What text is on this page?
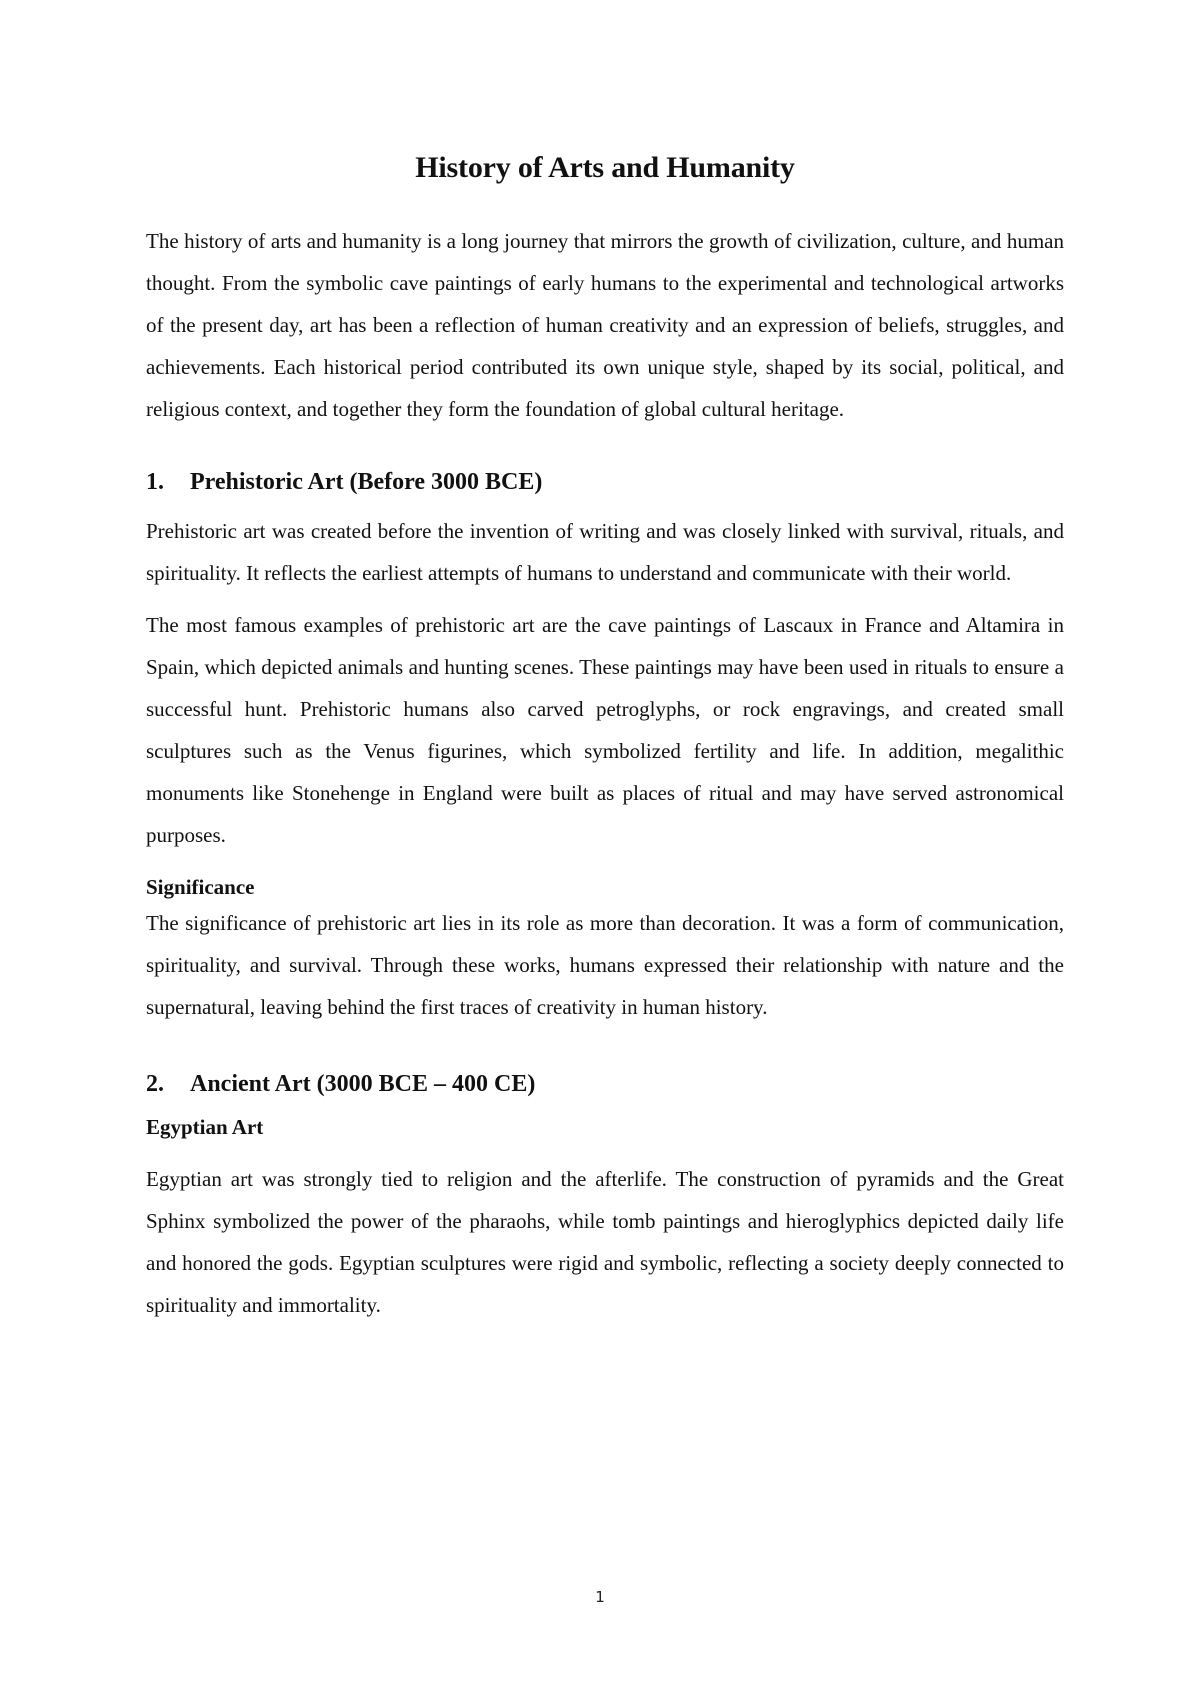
History of Arts and Humanity

The history of arts and humanity is a long journey that mirrors the growth of civilization, culture, and human thought. From the symbolic cave paintings of early humans to the experimental and technological artworks of the present day, art has been a reflection of human creativity and an expression of beliefs, struggles, and achievements. Each historical period contributed its own unique style, shaped by its social, political, and religious context, and together they form the foundation of global cultural heritage.

1.	Prehistoric Art (Before 3000 BCE)

Prehistoric art was created before the invention of writing and was closely linked with survival, rituals, and spirituality. It reflects the earliest attempts of humans to understand and communicate with their world.

The most famous examples of prehistoric art are the cave paintings of Lascaux in France and Altamira in Spain, which depicted animals and hunting scenes. These paintings may have been used in rituals to ensure a successful hunt. Prehistoric humans also carved petroglyphs, or rock engravings, and created small sculptures such as the Venus figurines, which symbolized fertility and life. In addition, megalithic monuments like Stonehenge in England were built as places of ritual and may have served astronomical purposes.

Significance

The significance of prehistoric art lies in its role as more than decoration. It was a form of communication, spirituality, and survival. Through these works, humans expressed their relationship with nature and the supernatural, leaving behind the first traces of creativity in human history.

2.	Ancient Art (3000 BCE – 400 CE)
Egyptian Art

Egyptian art was strongly tied to religion and the afterlife. The construction of pyramids and the Great Sphinx symbolized the power of the pharaohs, while tomb paintings and hieroglyphics depicted daily life and honored the gods. Egyptian sculptures were rigid and symbolic, reflecting a society deeply connected to spirituality and immortality.

1
